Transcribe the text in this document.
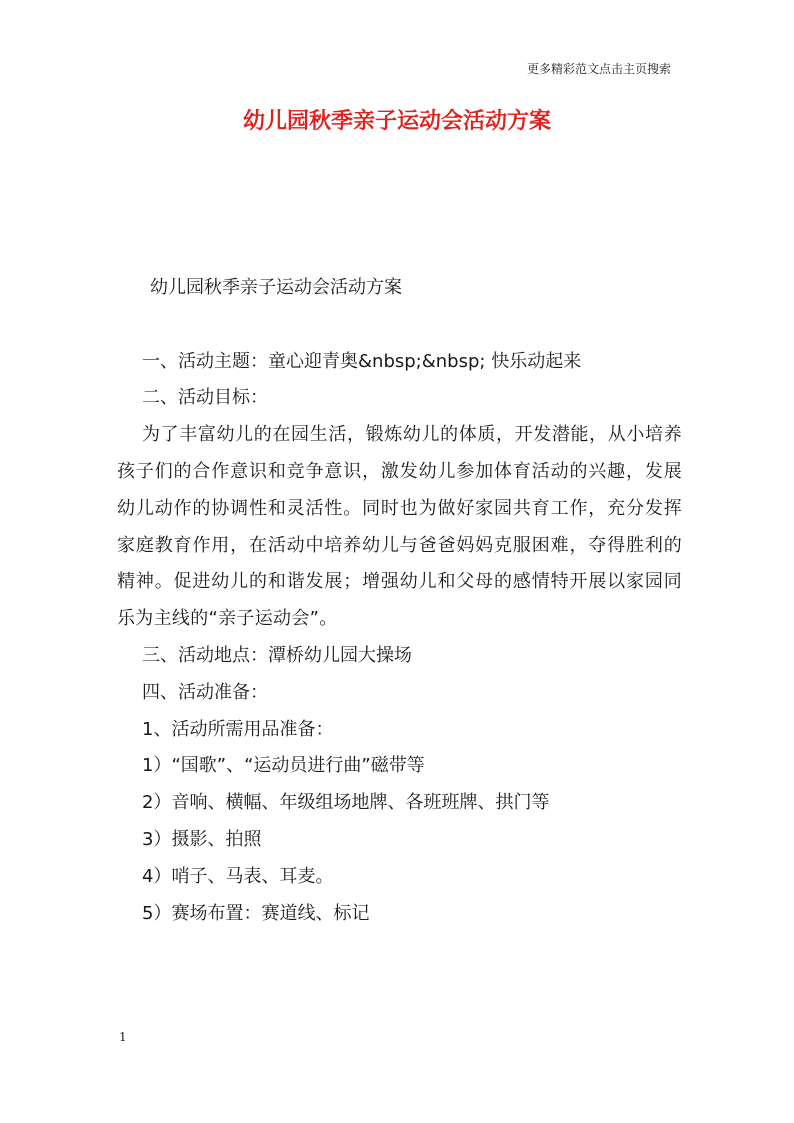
更多精彩范文点击主页搜索
幼儿园秋季亲子运动会活动方案
幼儿园秋季亲子运动会活动方案
一、活动主题：童心迎青奥&nbsp;&nbsp; 快乐动起来
二、活动目标：
为了丰富幼儿的在园生活，锻炼幼儿的体质，开发潜能，从小培养孩子们的合作意识和竞争意识，激发幼儿参加体育活动的兴趣，发展幼儿动作的协调性和灵活性。同时也为做好家园共育工作，充分发挥家庭教育作用，在活动中培养幼儿与爸爸妈妈克服困难，夺得胜利的精神。促进幼儿的和谐发展；增强幼儿和父母的感情特开展以家园同乐为主线的“亲子运动会”。
三、活动地点：潭桥幼儿园大操场
四、活动准备：
1、活动所需用品准备：
1）“国歌”、“运动员进行曲”磁带等
2）音响、横幅、年级组场地牌、各班班牌、拱门等
3）摄影、拍照
4）哨子、马表、耳麦。
5）赛场布置：赛道线、标记
1
